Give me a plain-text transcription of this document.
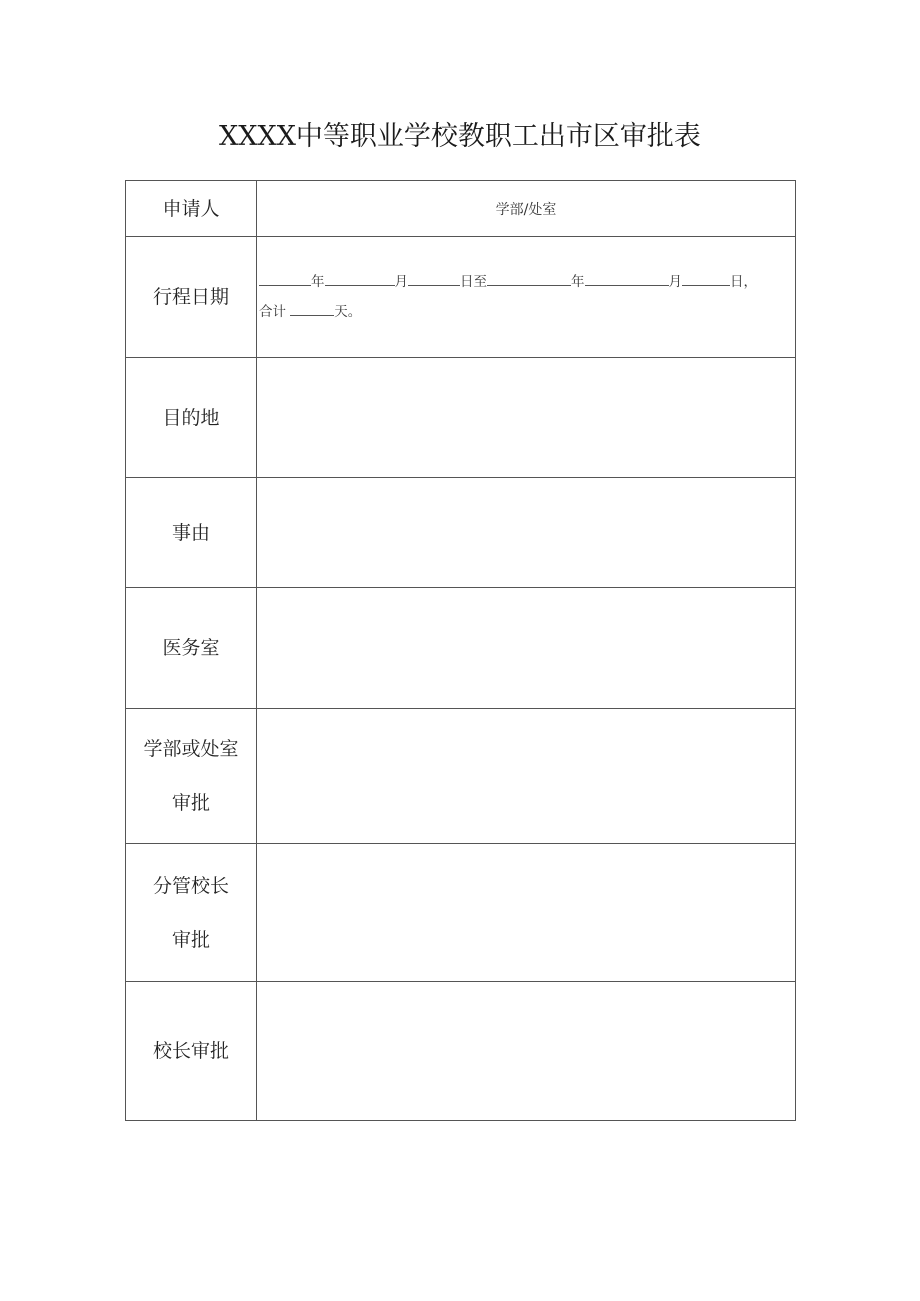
XXXX中等职业学校教职工出市区审批表
申请人	学部/处室
行程日期	年 月 日至 年 月 日，
合计 天。

目的地	
事由	
医务室	

学部或处室
审批	

分管校长
审批	

校长审批	
